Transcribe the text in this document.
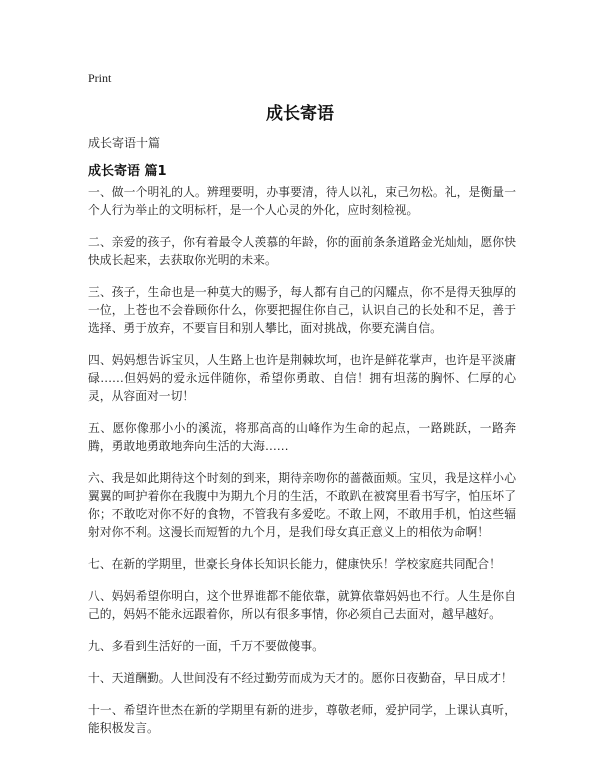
Print
成长寄语
成长寄语十篇
成长寄语 篇1

一、做一个明礼的人。辨理要明，办事要清，待人以礼，束己勿松。礼，是衡量一个人行为举止的文明标杆，是一个人心灵的外化，应时刻检视。

二、亲爱的孩子，你有着最令人羡慕的年龄，你的面前条条道路金光灿灿，愿你快快成长起来，去获取你光明的未来。

三、孩子，生命也是一种莫大的赐予，每人都有自己的闪耀点，你不是得天独厚的一位，上苍也不会眷顾你什么，你要把握住你自己，认识自己的长处和不足，善于选择、勇于放弃，不要盲目和别人攀比，面对挑战，你要充满自信。

四、妈妈想告诉宝贝，人生路上也许是荆棘坎坷，也许是鲜花掌声，也许是平淡庸碌……但妈妈的爱永远伴随你，希望你勇敢、自信！拥有坦荡的胸怀、仁厚的心灵，从容面对一切！

五、愿你像那小小的溪流，将那高高的山峰作为生命的起点，一路跳跃，一路奔腾，勇敢地勇敢地奔向生活的大海……

六、我是如此期待这个时刻的到来，期待亲吻你的蔷薇面颊。宝贝，我是这样小心翼翼的呵护着你在我腹中为期九个月的生活，不敢趴在被窝里看书写字，怕压坏了你；不敢吃对你不好的食物，不管我有多爱吃。不敢上网，不敢用手机，怕这些辐射对你不利。这漫长而短暂的九个月，是我们母女真正意义上的相依为命啊！

七、在新的学期里，世豪长身体长知识长能力，健康快乐！学校家庭共同配合！

八、妈妈希望你明白，这个世界谁都不能依靠，就算依靠妈妈也不行。人生是你自己的，妈妈不能永远跟着你，所以有很多事情，你必须自己去面对，越早越好。

九、多看到生活好的一面，千万不要做傻事。

十、天道酬勤。人世间没有不经过勤劳而成为天才的。愿你日夜勤奋，早日成才！

十一、希望许世杰在新的学期里有新的进步，尊敬老师，爱护同学，上课认真听，能积极发言。
